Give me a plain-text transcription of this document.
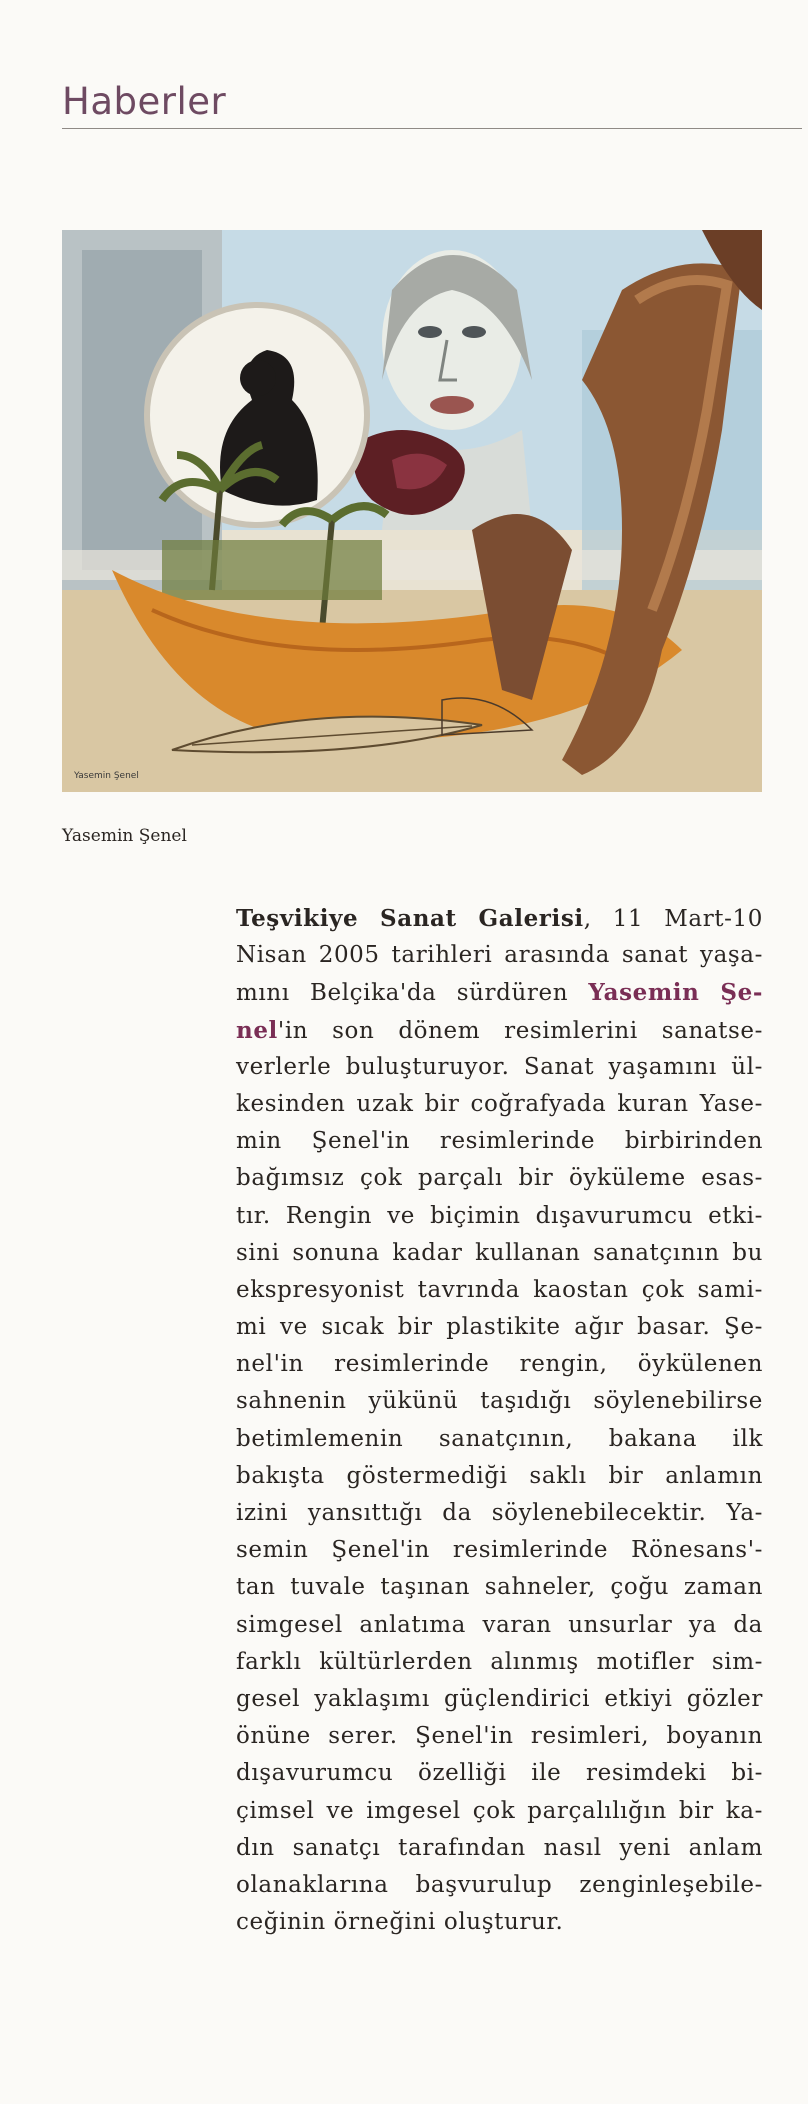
Haberler
Yasemin Şenel
Yasemin Şenel
Teşvikiye Sanat Galerisi, 11 Mart-10
Nisan 2005 tarihleri arasında sanat yaşa-
mını Belçika'da sürdüren Yasemin Şe-
nel'in son dönem resimlerini sanatse-
verlerle buluşturuyor. Sanat yaşamını ül-
kesinden uzak bir coğrafyada kuran Yase-
min Şenel'in resimlerinde birbirinden
bağımsız çok parçalı bir öyküleme esas-
tır. Rengin ve biçimin dışavurumcu etki-
sini sonuna kadar kullanan sanatçının bu
ekspresyonist tavrında kaostan çok sami-
mi ve sıcak bir plastikite ağır basar. Şe-
nel'in resimlerinde rengin, öykülenen
sahnenin yükünü taşıdığı söylenebilirse
betimlemenin sanatçının, bakana ilk
bakışta göstermediği saklı bir anlamın
izini yansıttığı da söylenebilecektir. Ya-
semin Şenel'in resimlerinde Rönesans'-
tan tuvale taşınan sahneler, çoğu zaman
simgesel anlatıma varan unsurlar ya da
farklı kültürlerden alınmış motifler sim-
gesel yaklaşımı güçlendirici etkiyi gözler
önüne serer. Şenel'in resimleri, boyanın
dışavurumcu özelliği ile resimdeki bi-
çimsel ve imgesel çok parçalılığın bir ka-
dın sanatçı tarafından nasıl yeni anlam
olanaklarına başvurulup zenginleşebile-
ceğinin örneğini oluşturur.
